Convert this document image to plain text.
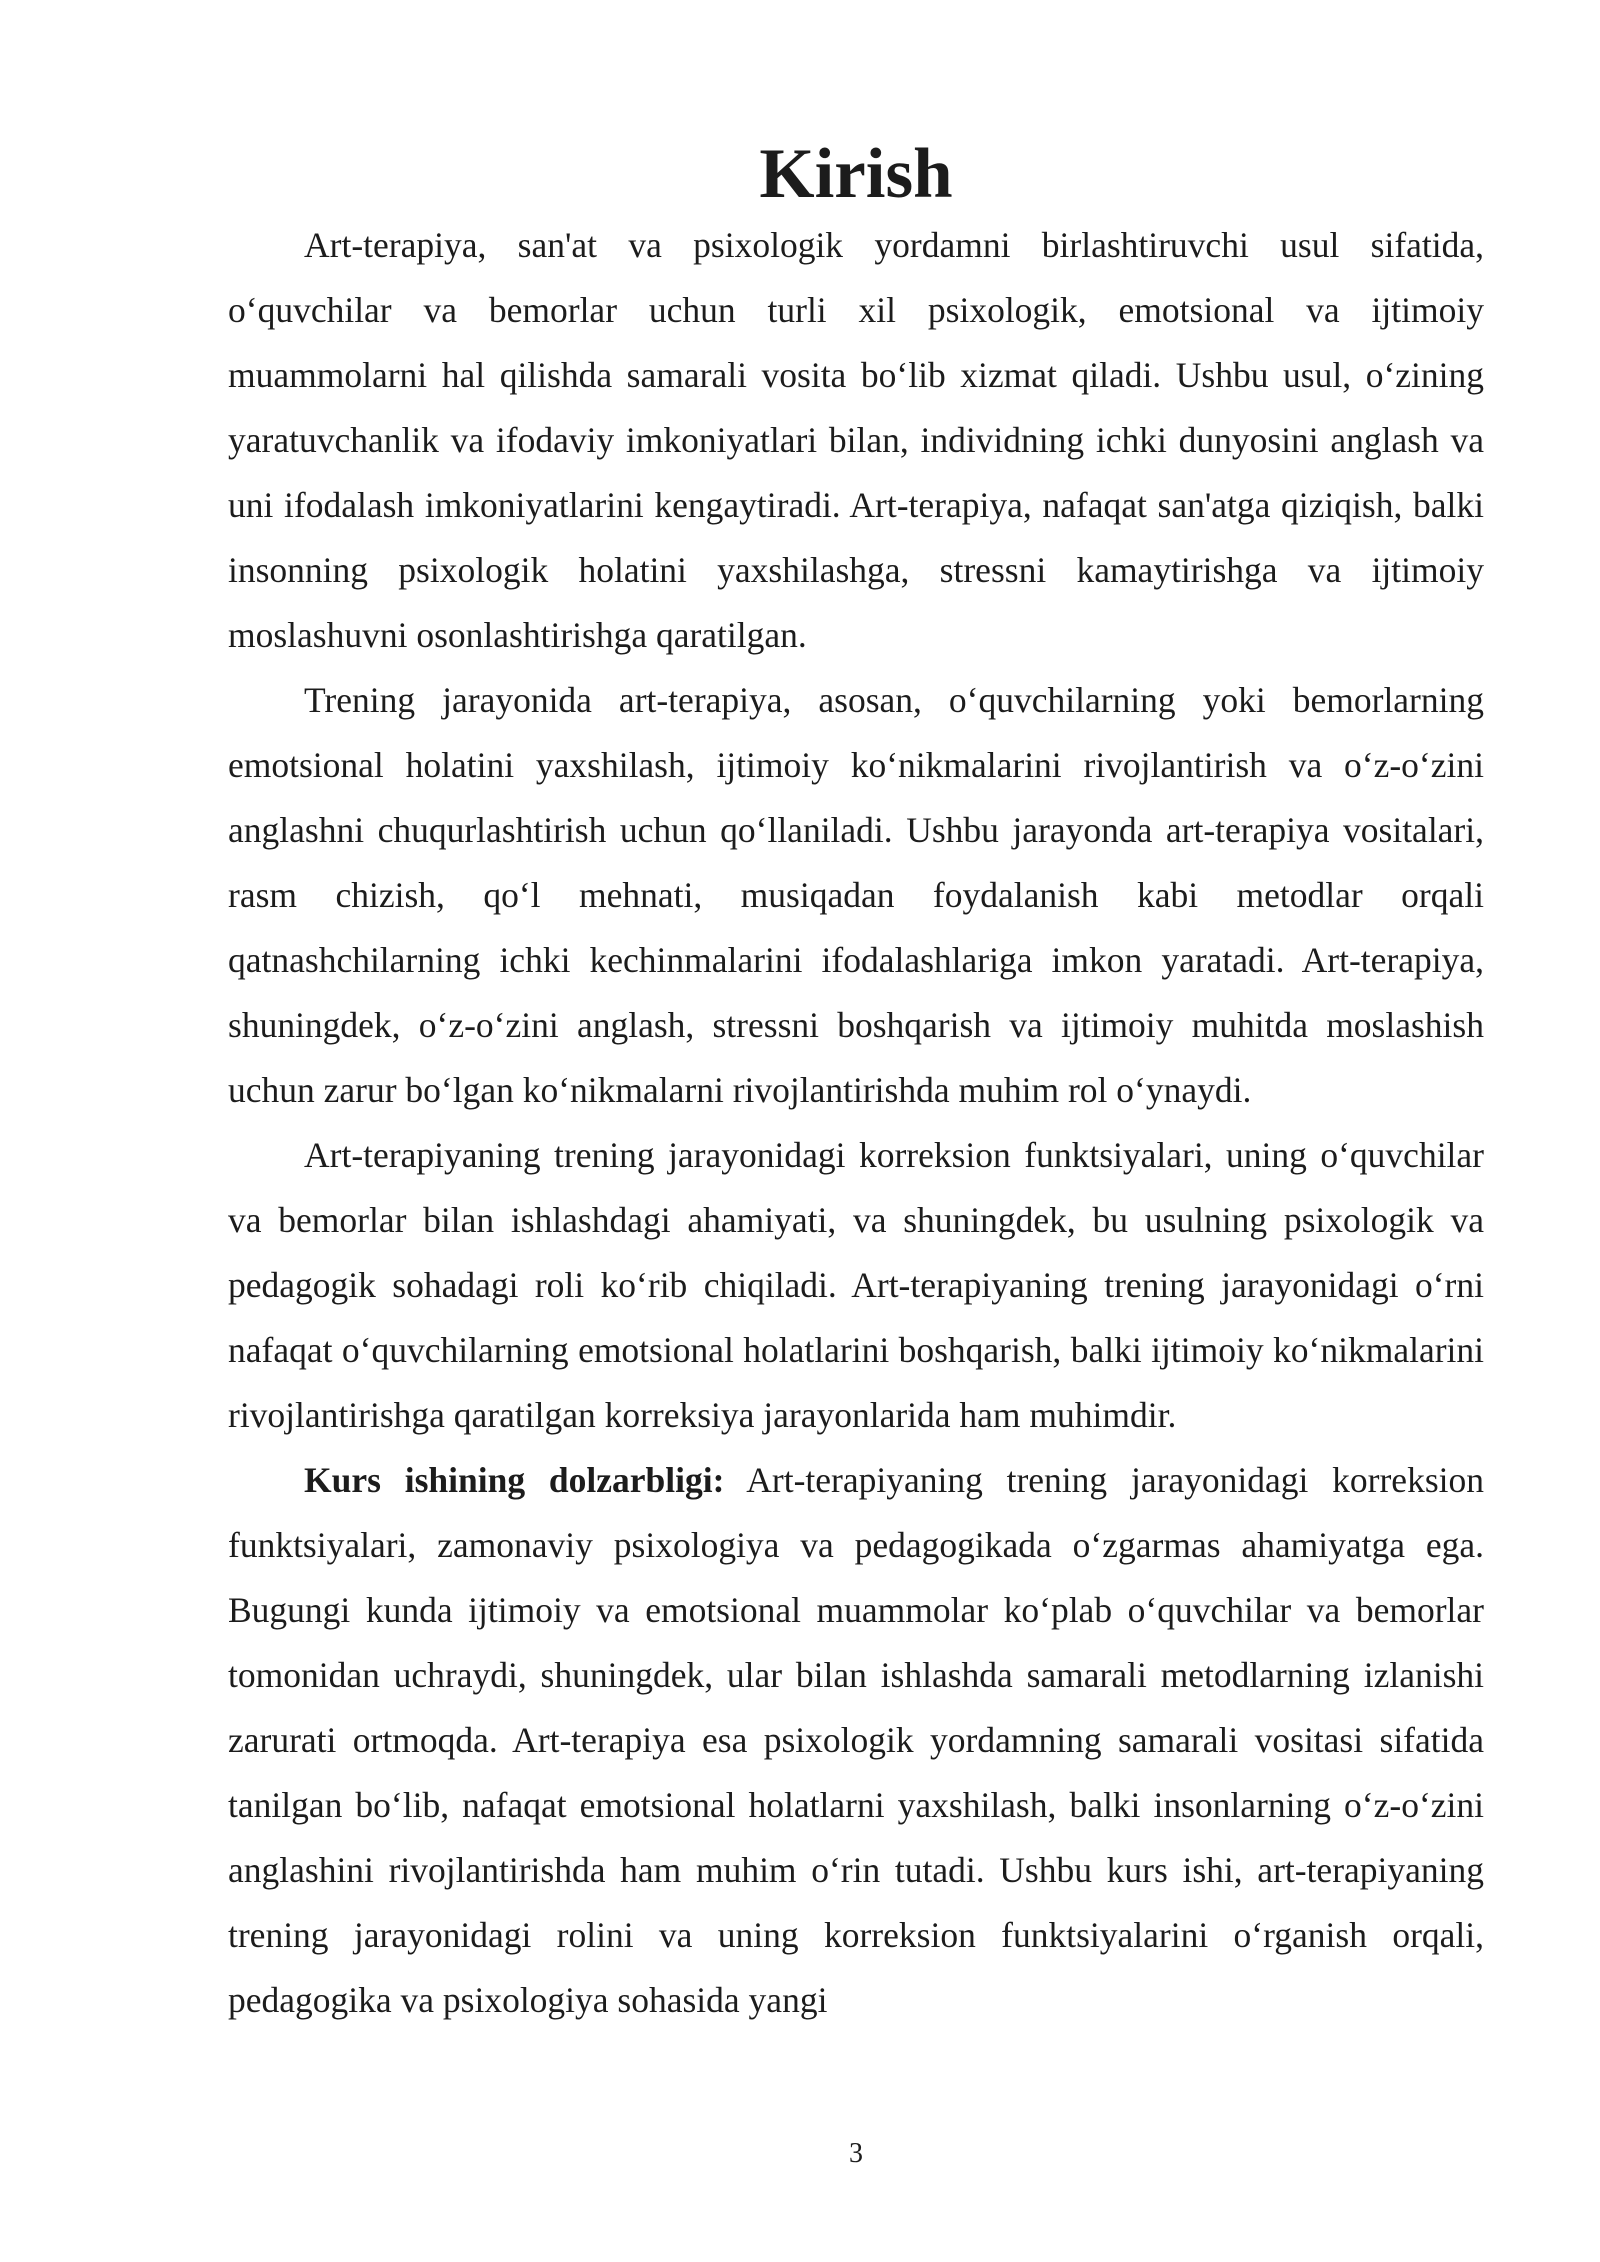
Kirish

Art-terapiya, san'at va psixologik yordamni birlashtiruvchi usul sifatida, o‘quvchilar va bemorlar uchun turli xil psixologik, emotsional va ijtimoiy muammolarni hal qilishda samarali vosita bo‘lib xizmat qiladi. Ushbu usul, o‘zining yaratuvchanlik va ifodaviy imkoniyatlari bilan, individning ichki dunyosini anglash va uni ifodalash imkoniyatlarini kengaytiradi. Art-terapiya, nafaqat san'atga qiziqish, balki insonning psixologik holatini yaxshilashga, stressni kamaytirishga va ijtimoiy moslashuvni osonlashtirishga qaratilgan.

Trening jarayonida art-terapiya, asosan, o‘quvchilarning yoki bemorlarning emotsional holatini yaxshilash, ijtimoiy ko‘nikmalarini rivojlantirish va o‘z-o‘zini anglashni chuqurlashtirish uchun qo‘llaniladi. Ushbu jarayonda art-terapiya vositalari, rasm chizish, qo‘l mehnati, musiqadan foydalanish kabi metodlar orqali qatnashchilarning ichki kechinmalarini ifodalashlariga imkon yaratadi. Art-terapiya, shuningdek, o‘z-o‘zini anglash, stressni boshqarish va ijtimoiy muhitda moslashish uchun zarur bo‘lgan ko‘nikmalarni rivojlantirishda muhim rol o‘ynaydi.

Art-terapiyaning trening jarayonidagi korreksion funktsiyalari, uning o‘quvchilar va bemorlar bilan ishlashdagi ahamiyati, va shuningdek, bu usulning psixologik va pedagogik sohadagi roli ko‘rib chiqiladi. Art-terapiyaning trening jarayonidagi o‘rni nafaqat o‘quvchilarning emotsional holatlarini boshqarish, balki ijtimoiy ko‘nikmalarini rivojlantirishga qaratilgan korreksiya jarayonlarida ham muhimdir.

Kurs ishining dolzarbligi: Art-terapiyaning trening jarayonidagi korreksion funktsiyalari, zamonaviy psixologiya va pedagogikada o‘zgarmas ahamiyatga ega. Bugungi kunda ijtimoiy va emotsional muammolar ko‘plab o‘quvchilar va bemorlar tomonidan uchraydi, shuningdek, ular bilan ishlashda samarali metodlarning izlanishi zarurati ortmoqda. Art-terapiya esa psixologik yordamning samarali vositasi sifatida tanilgan bo‘lib, nafaqat emotsional holatlarni yaxshilash, balki insonlarning o‘z-o‘zini anglashini rivojlantirishda ham muhim o‘rin tutadi. Ushbu kurs ishi, art-terapiyaning trening jarayonidagi rolini va uning korreksion funktsiyalarini o‘rganish orqali, pedagogika va psixologiya sohasida yangi

3
